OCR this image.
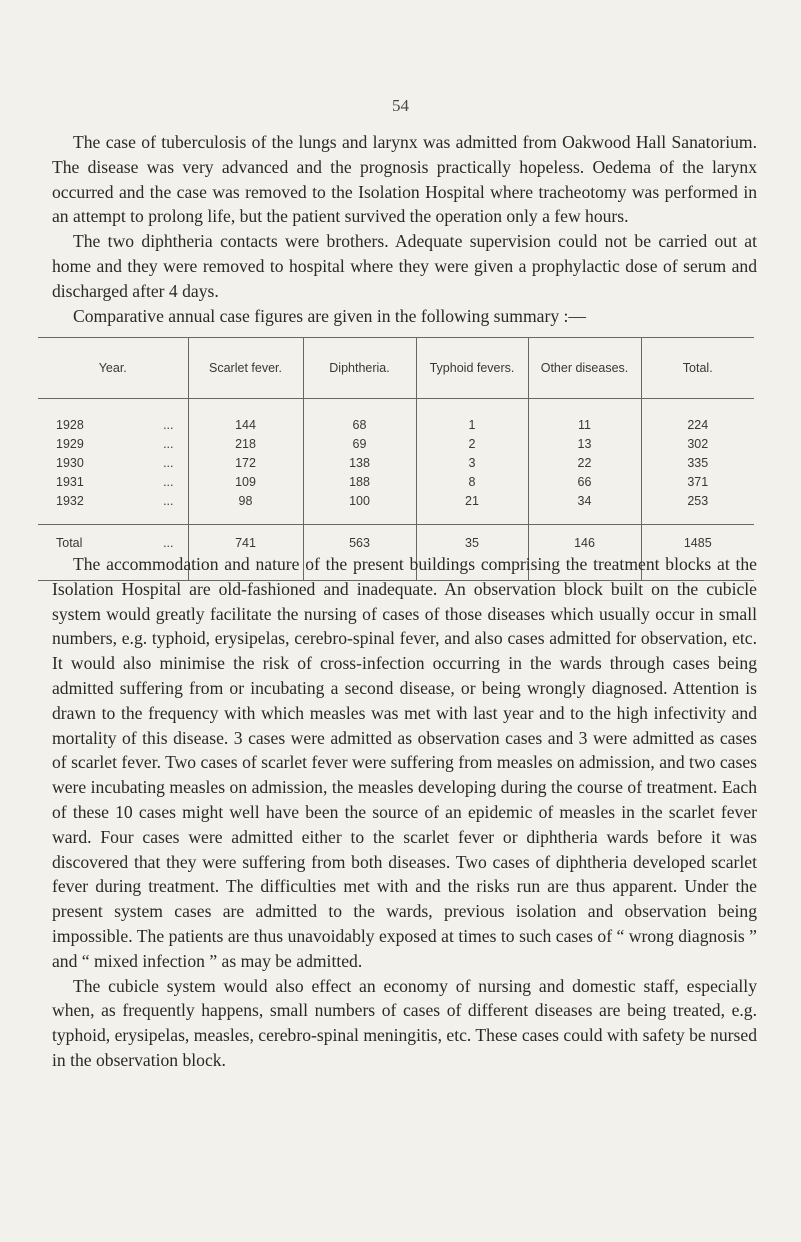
54

The case of tuberculosis of the lungs and larynx was admitted from Oakwood Hall Sanatorium. The disease was very advanced and the prognosis practically hopeless. Oedema of the larynx occurred and the case was removed to the Isolation Hospital where tracheotomy was performed in an attempt to prolong life, but the patient survived the operation only a few hours.

The two diphtheria contacts were brothers. Adequate supervision could not be carried out at home and they were removed to hospital where they were given a prophylactic dose of serum and discharged after 4 days.

Comparative annual case figures are given in the following summary :—

Year.	Scarlet fever.	Diphtheria.	Typhoid fevers.	Other diseases.	Total.
1928 ...	144	68	1	11	224
1929 ...	218	69	2	13	302
1930 ...	172	138	3	22	335
1931 ...	109	188	8	66	371
1932 ...	98	100	21	34	253
Total ...	741	563	35	146	1485

The accommodation and nature of the present buildings comprising the treatment blocks at the Isolation Hospital are old-fashioned and inadequate. An observation block built on the cubicle system would greatly facilitate the nursing of cases of those diseases which usually occur in small numbers, e.g. typhoid, erysipelas, cerebro-spinal fever, and also cases admitted for observation, etc. It would also minimise the risk of cross-infection occurring in the wards through cases being admitted suffering from or incubating a second disease, or being wrongly diagnosed. Attention is drawn to the frequency with which measles was met with last year and to the high infectivity and mortality of this disease. 3 cases were admitted as observation cases and 3 were admitted as cases of scarlet fever. Two cases of scarlet fever were suffering from measles on admission, and two cases were incubating measles on admission, the measles developing during the course of treatment. Each of these 10 cases might well have been the source of an epidemic of measles in the scarlet fever ward. Four cases were admitted either to the scarlet fever or diphtheria wards before it was discovered that they were suffering from both diseases. Two cases of diphtheria developed scarlet fever during treatment. The difficulties met with and the risks run are thus apparent. Under the present system cases are admitted to the wards, previous isolation and observation being impossible. The patients are thus unavoidably exposed at times to such cases of “ wrong diagnosis ” and “ mixed infection ” as may be admitted.

The cubicle system would also effect an economy of nursing and domestic staff, especially when, as frequently happens, small numbers of cases of different diseases are being treated, e.g. typhoid, erysipelas, measles, cerebro-spinal meningitis, etc. These cases could with safety be nursed in the observation block.
